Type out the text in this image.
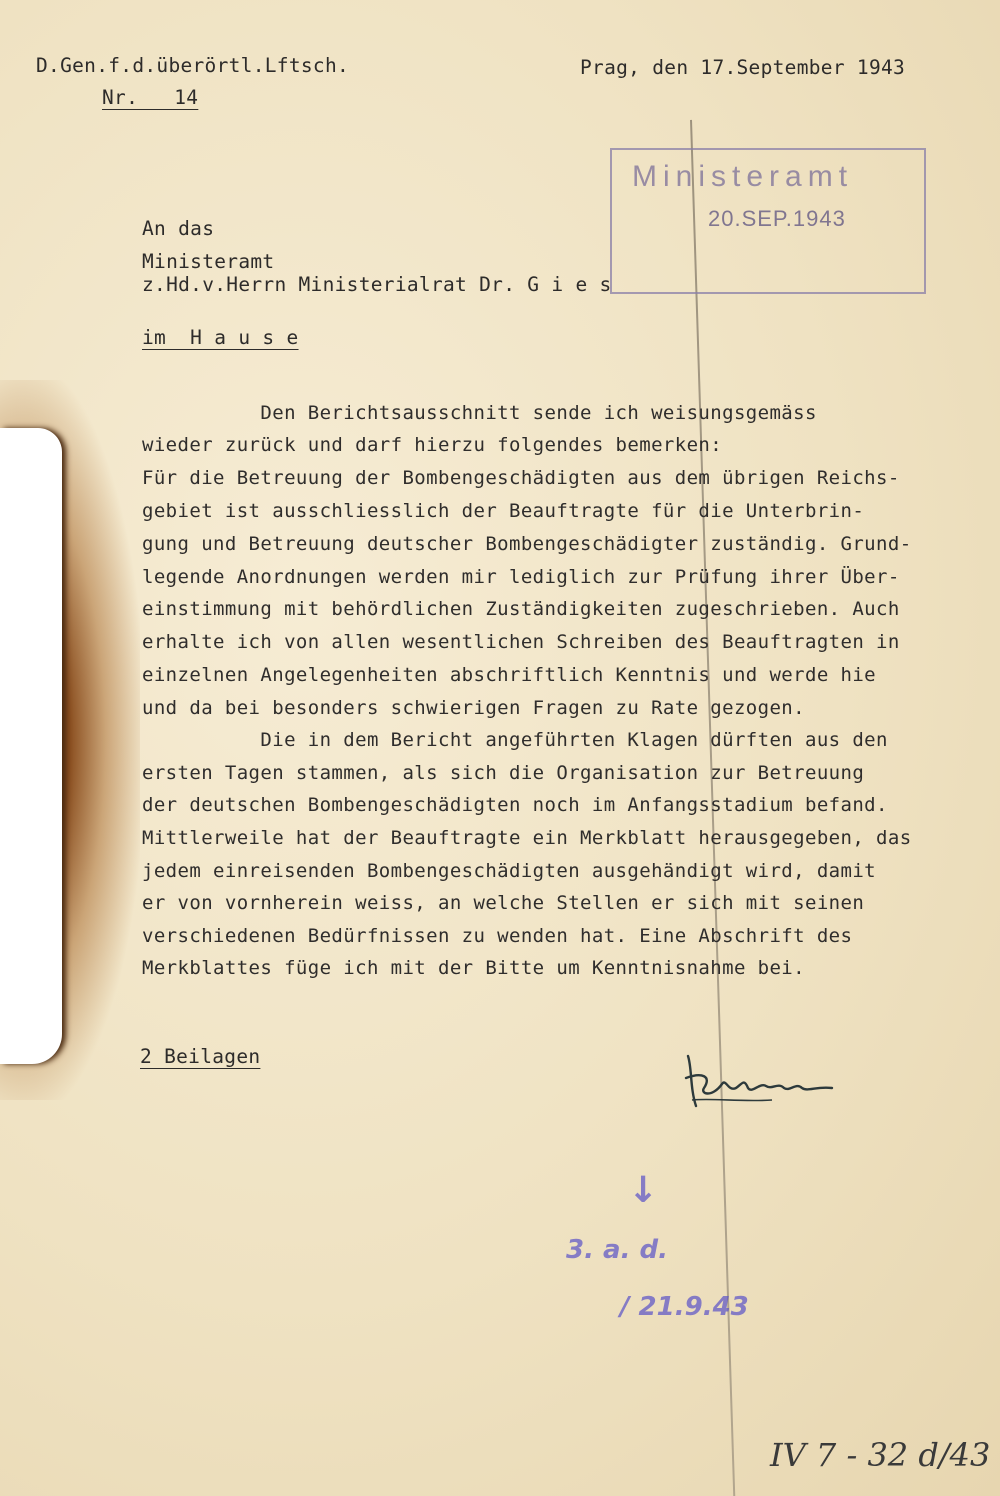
D.Gen.f.d.überörtl.Lftsch.
Nr.   14
Prag, den 17.September 1943
Ministeramt
20.SEP.1943
An das
Ministeramt
z.Hd.v.Herrn Ministerialrat Dr. G i e s
im  H a u s e
Den Berichtsausschnitt sende ich weisungsgemäss
wieder zurück und darf hierzu folgendes bemerken:
Für die Betreuung der Bombengeschädigten aus dem übrigen Reichs-
gebiet ist ausschliesslich der Beauftragte für die Unterbrin-
gung und Betreuung deutscher Bombengeschädigter zuständig. Grund-
legende Anordnungen werden mir lediglich zur Prüfung ihrer Über-
einstimmung mit behördlichen Zuständigkeiten zugeschrieben. Auch
erhalte ich von allen wesentlichen Schreiben des Beauftragten in
einzelnen Angelegenheiten abschriftlich Kenntnis und werde hie
und da bei besonders schwierigen Fragen zu Rate gezogen.
Die in dem Bericht angeführten Klagen dürften aus den
ersten Tagen stammen, als sich die Organisation zur Betreuung
der deutschen Bombengeschädigten noch im Anfangsstadium befand.
Mittlerweile hat der Beauftragte ein Merkblatt herausgegeben, das
jedem einreisenden Bombengeschädigten ausgehändigt wird, damit
er von vornherein weiss, an welche Stellen er sich mit seinen
verschiedenen Bedürfnissen zu wenden hat. Eine Abschrift des
Merkblattes füge ich mit der Bitte um Kenntnisnahme bei.
2 Beilagen
↓
3. a. d.
/ 21.9.43
IV 7 - 32 d/43
